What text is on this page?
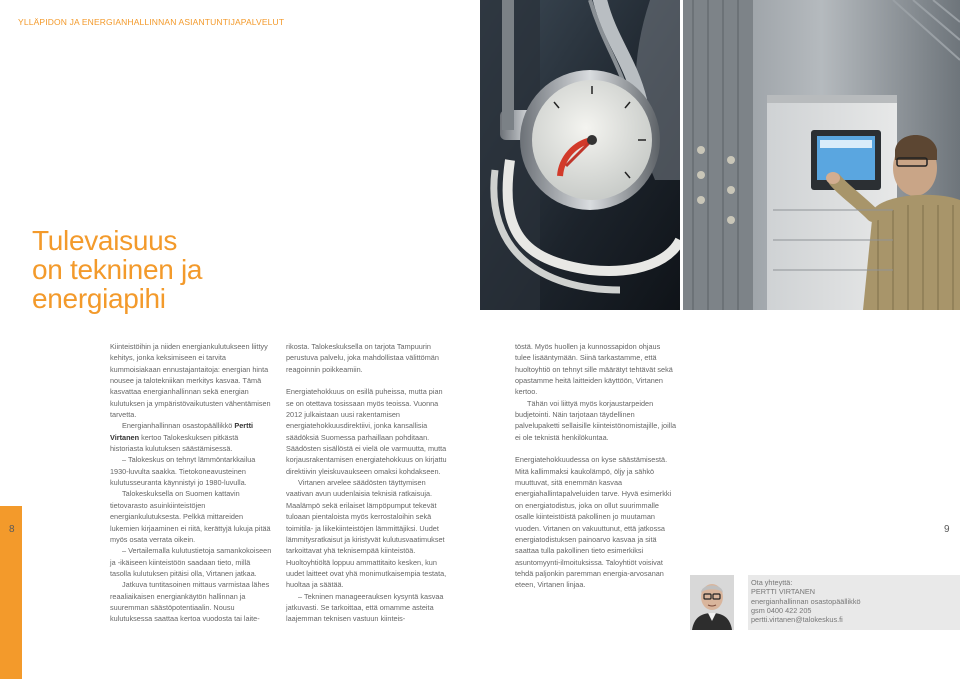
YLLÄPIDON JA ENERGIANHALLINNAN ASIANTUNTIJAPALVELUT
Tulevaisuus
on tekninen ja
energiapihi
8	9

Kiinteistöihin ja niiden energiankulutukseen liittyy kehitys, jonka keksimiseen ei tarvita kummoisiakaan ennustajantaitoja: energian hinta nousee ja talotekniikan merkitys kasvaa. Tämä kasvattaa energianhallinnan sekä energian kulutuksen ja ympäristövaikutusten vähentämisen tarvetta.

Energianhallinnan osastopäällikkö Pertti Virtanen kertoo Talokeskuksen pitkästä historiasta kulutuksen säästämisessä.

– Talokeskus on tehnyt lämmöntarkkailua 1930-luvulta saakka. Tietokoneavusteinen kulutusseuranta käynnistyi jo 1980-luvulla.

Talokeskuksella on Suomen kattavin tietovarasto asuinkiinteistöjen energiankulutuksesta. Pelkkä mittareiden lukemien kirjaaminen ei riitä, kerättyjä lukuja pitää myös osata verrata oikein.

– Vertailemalla kulutustietoja samankokoiseen ja -ikäiseen kiinteistöön saadaan tieto, millä tasolla kulutuksen pitäisi olla, Virtanen jatkaa.

Jatkuva tuntitasoinen mittaus varmistaa lähes reaaliaikaisen energiankäytön hallinnan ja suuremman säästöpotentiaalin. Nousu kulutuksessa saattaa kertoa vuodosta tai laite-

rikosta. Talokeskuksella on tarjota Tampuurin perustuva palvelu, joka mahdollistaa välittömän reagoinnin poikkeamiin.

Energiatehokkuus on esillä puheissa, mutta pian se on otettava tosissaan myös teoissa. Vuonna 2012 julkaistaan uusi rakentamisen energiatehokkuusdirektiivi, jonka kansallisia säädöksiä Suomessa parhaillaan pohditaan. Säädösten sisällöstä ei vielä ole varmuutta, mutta korjausrakentamisen energiatehokkuus on kirjattu direktiivin yleiskuvaukseen omaksi kohdakseen.

Virtanen arvelee säädösten täyttymisen vaativan avun uudenlaisia teknisiä ratkaisuja. Maalämpö sekä erilaiset lämpöpumput tekevät tuloaan pientaloista myös kerrostaloihin sekä toimitila- ja liikekiinteistöjen lämmittäjiksi. Uudet lämmitysratkaisut ja kiristyvät kulutusvaatimukset tarkoittavat yhä teknisempää kiinteistöä. Huoltoyhtiöltä loppuu ammattitaito kesken, kun uudet laitteet ovat yhä monimutkaisempia testata, huoltaa ja säätää.

– Tekninen manageerauksen kysyntä kasvaa jatkuvasti. Se tarkoittaa, että omamme asteita laajemman teknisen vastuun kiinteis-

töstä. Myös huollen ja kunnossapidon ohjaus tulee lisääntymään. Siinä tarkastamme, että huoltoyhtiö on tehnyt sille määrätyt tehtävät sekä opastamme heitä laitteiden käyttöön, Virtanen kertoo.

Tähän voi liittyä myös korjaustarpeiden budjetointi. Näin tarjotaan täydellinen palvelupaketti sellaisille kiinteistönomistajille, joilla ei ole teknistä henkilökuntaa.

Energiatehokkuudessa on kyse säästämisestä. Mitä kallimmaksi kaukolämpö, öljy ja sähkö muuttuvat, sitä enemmän kasvaa energiahallintapalveluiden tarve. Hyvä esimerkki on energiatodistus, joka on ollut suurimmalle osalle kiinteistöistä pakollinen jo muutaman vuoden. Virtanen on vakuuttunut, että jatkossa energiatodistuksen painoarvo kasvaa ja sitä saattaa tulla pakollinen tieto esimerkiksi asuntomyynti-ilmoituksissa. Taloyhtiöt voisivat tehdä paljonkin paremman energia-arvosanan eteen, Virtanen linjaa.	Ota yhteyttä:
PERTTI VIRTANEN
energianhallinnan osastopäällikkö
gsm 0400 422 205
pertti.virtanen@talokeskus.fi
